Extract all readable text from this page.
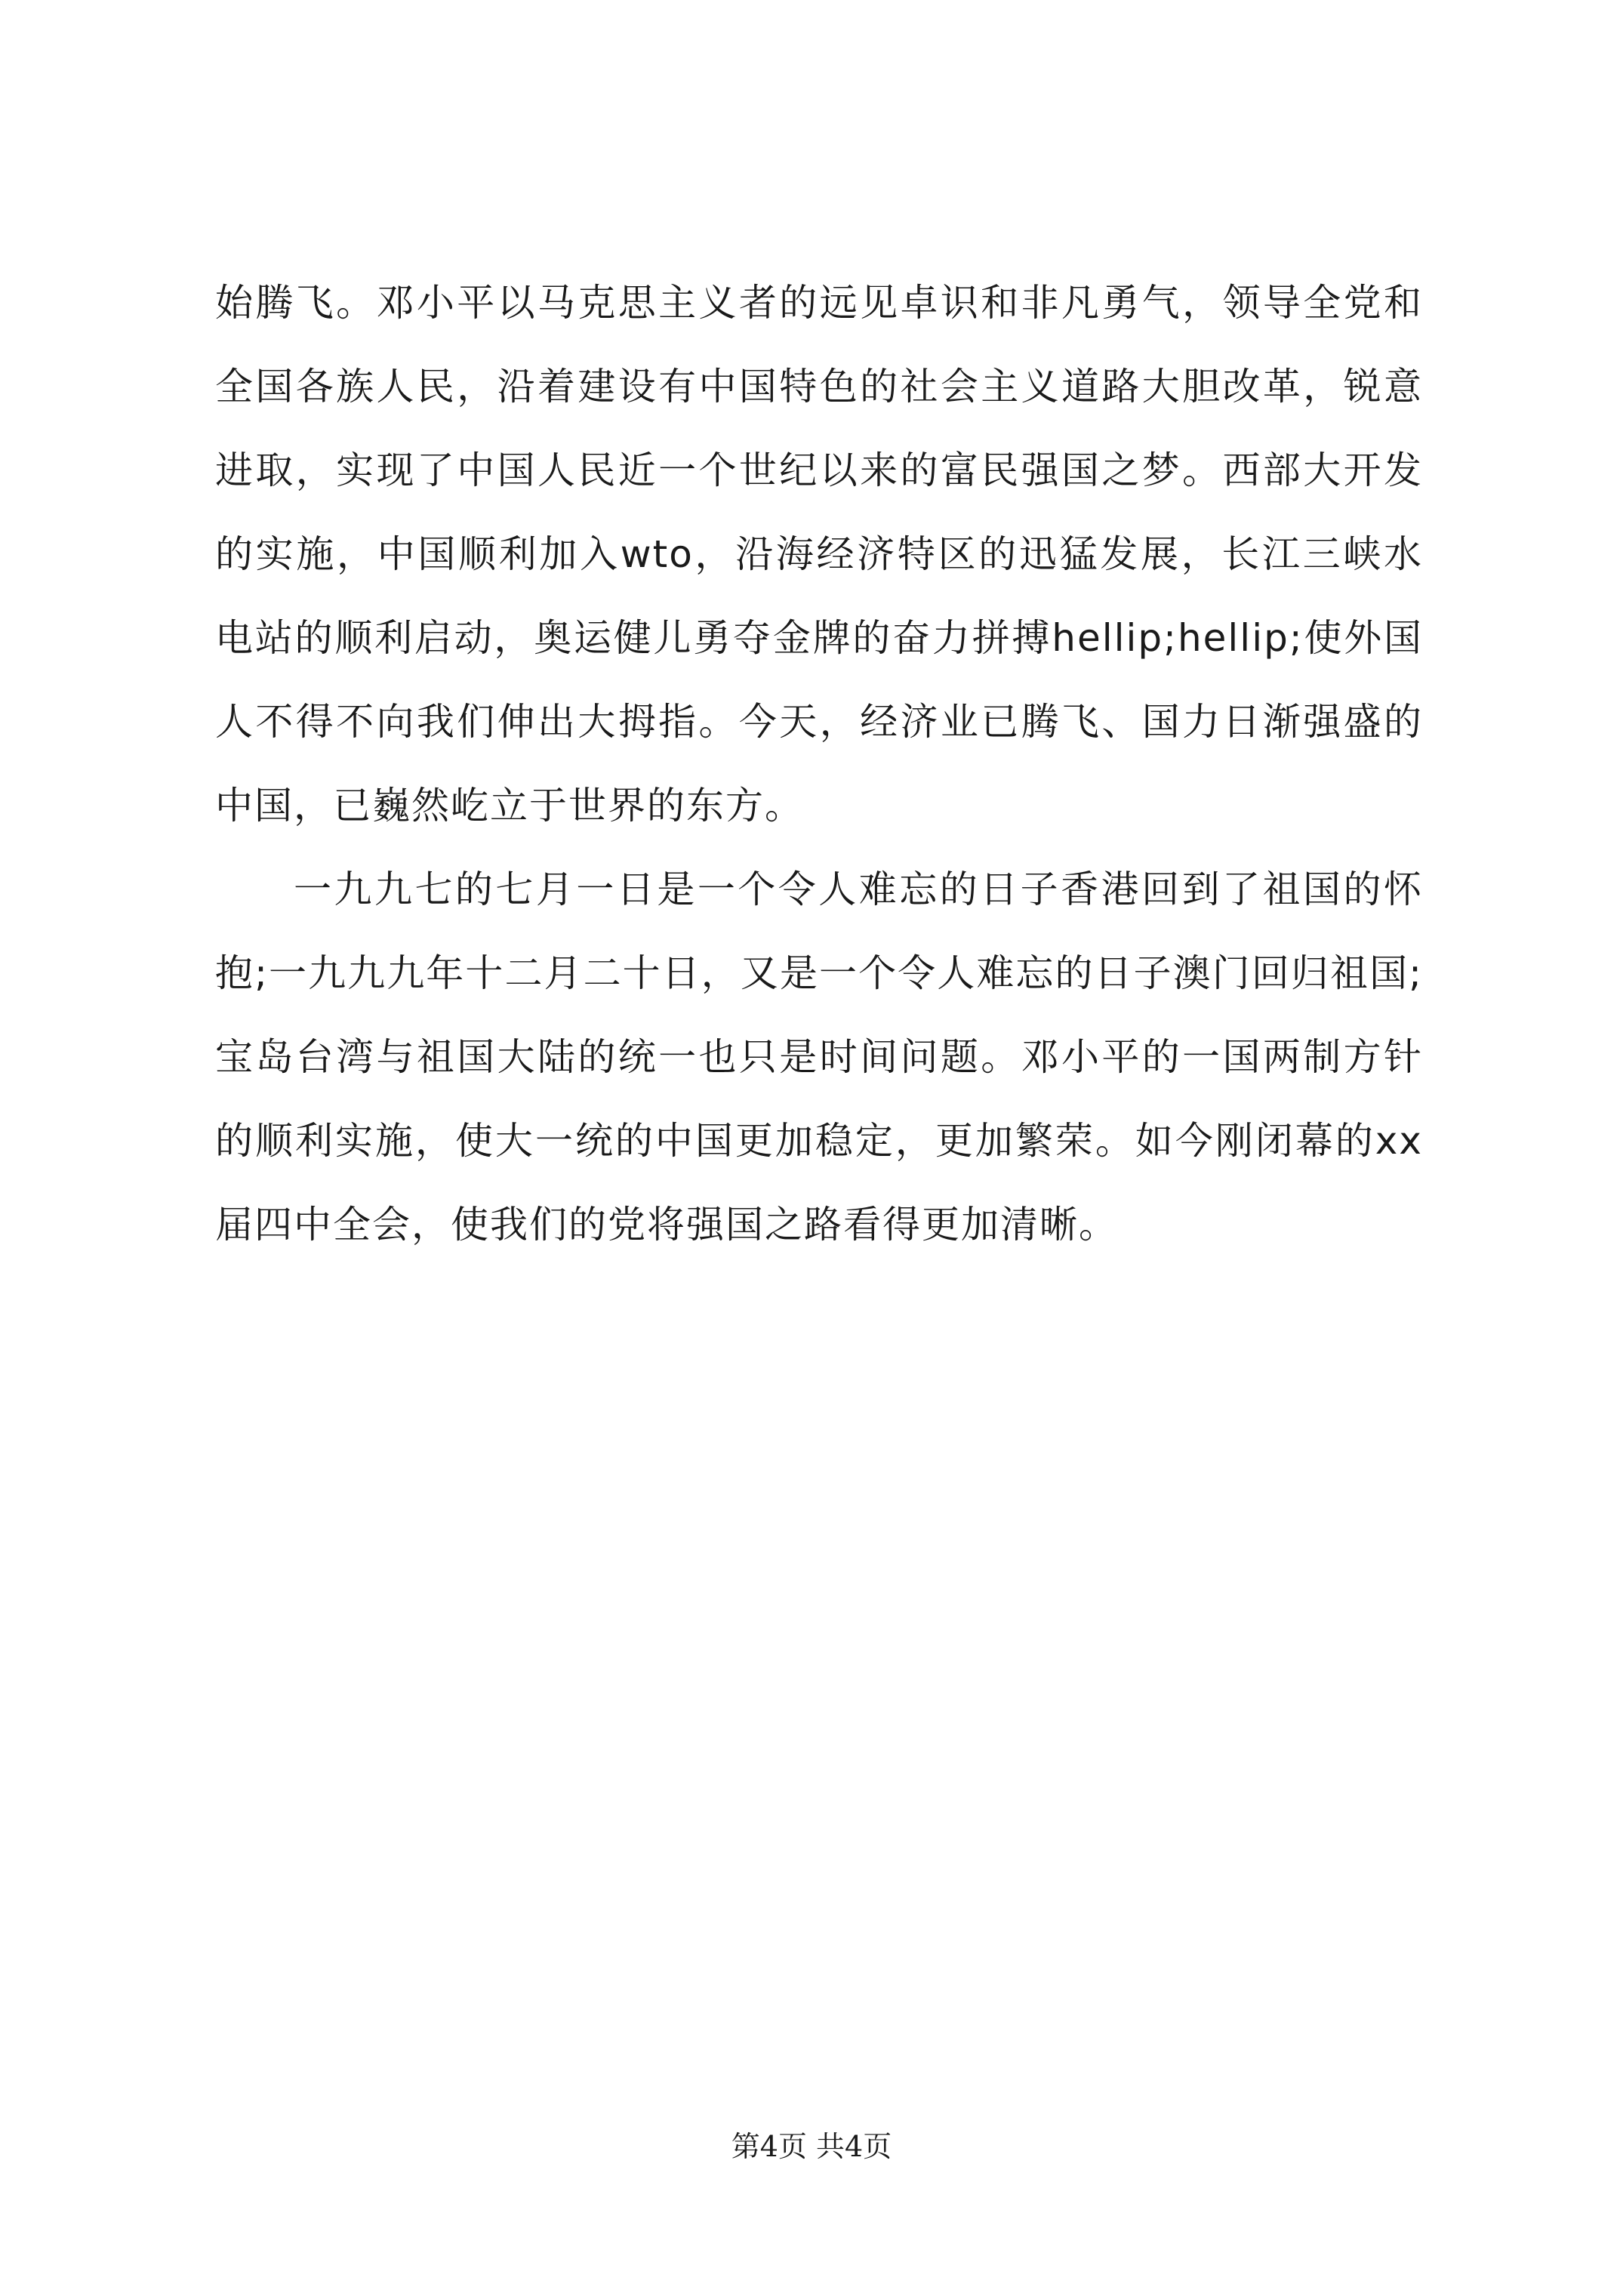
始腾飞。邓小平以马克思主义者的远见卓识和非凡勇气，领导全党和全国各族人民，沿着建设有中国特色的社会主义道路大胆改革，锐意进取，实现了中国人民近一个世纪以来的富民强国之梦。西部大开发的实施，中国顺利加入wto，沿海经济特区的迅猛发展，长江三峡水电站的顺利启动，奥运健儿勇夺金牌的奋力拼搏hellip;hellip;使外国人不得不向我们伸出大拇指。今天，经济业已腾飞、国力日渐强盛的中国，已巍然屹立于世界的东方。

一九九七的七月一日是一个令人难忘的日子香港回到了祖国的怀抱;一九九九年十二月二十日，又是一个令人难忘的日子澳门回归祖国;宝岛台湾与祖国大陆的统一也只是时间问题。邓小平的一国两制方针的顺利实施，使大一统的中国更加稳定，更加繁荣。如今刚闭幕的xx届四中全会，使我们的党将强国之路看得更加清晰。

第4页 共4页
